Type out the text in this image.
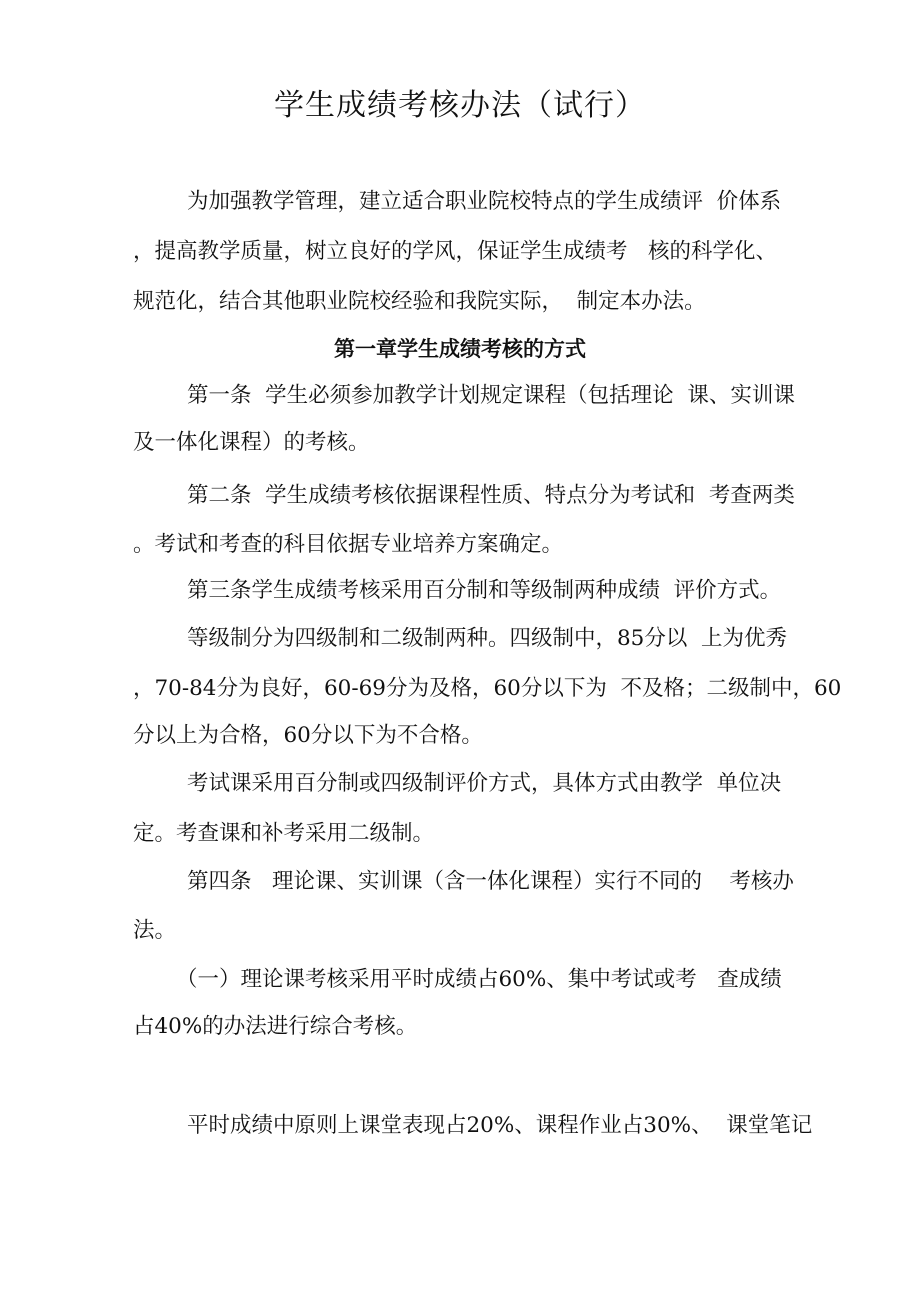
学生成绩考核办法（试行）
为加强教学管理，建立适合职业院校特点的学生成绩评  价体系
，提高教学质量，树立良好的学风，保证学生成绩考   核的科学化、
规范化，结合其他职业院校经验和我院实际，  制定本办法。
第一章学生成绩考核的方式
第一条  学生必须参加教学计划规定课程（包括理论  课、实训课
及一体化课程）的考核。
第二条  学生成绩考核依据课程性质、特点分为考试和  考查两类
。考试和考查的科目依据专业培养方案确定。
第三条学生成绩考核采用百分制和等级制两种成绩  评价方式。
等级制分为四级制和二级制两种。四级制中，85分以  上为优秀
，70-84分为良好，60-69分为及格，60分以下为  不及格；二级制中，60
分以上为合格，60分以下为不合格。
考试课采用百分制或四级制评价方式，具体方式由教学  单位决
定。考查课和补考采用二级制。
第四条   理论课、实训课（含一体化课程）实行不同的    考核办
法。
（一）理论课考核采用平时成绩占60%、集中考试或考   查成绩
占40%的办法进行综合考核。
平时成绩中原则上课堂表现占20%、课程作业占30%、  课堂笔记
